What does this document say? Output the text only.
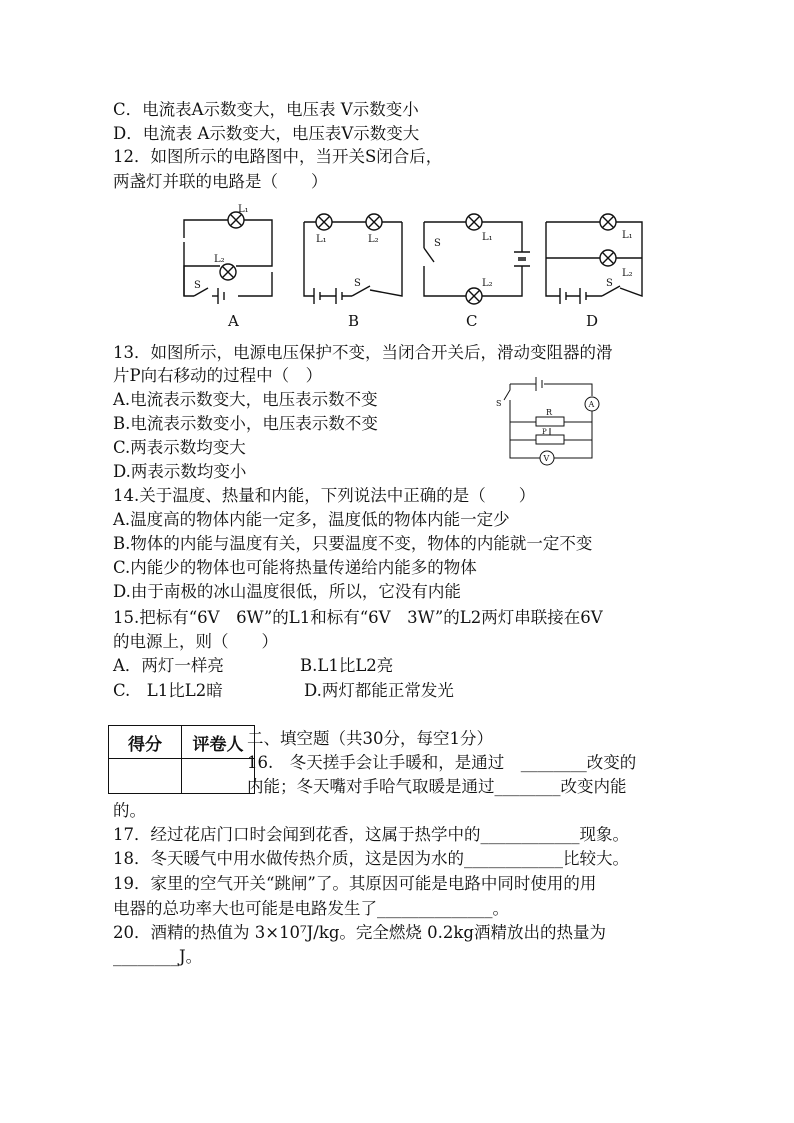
C．电流表A示数变大，电压表 V示数变小
D．电流表 A示数变大，电压表V示数变大
12．如图所示的电路图中，当开关S闭合后，
两盏灯并联的电路是（　　）
L₁
L₂
S
A
L₁	L₂
S
B
S
L₁
L₂
C
L₁
L₂
S
D
13．如图所示，电源电压保护不变，当闭合开关后，滑动变阻器的滑
片P向右移动的过程中（　）
A.电流表示数变大，电压表示数不变
B.电流表示数变小，电压表示数不变
C.两表示数均变大
D.两表示数均变小
S
R
P
A
V
14.关于温度、热量和内能，下列说法中正确的是（　　）
A.温度高的物体内能一定多，温度低的物体内能一定少
B.物体的内能与温度有关，只要温度不变，物体的内能就一定不变
C.内能少的物体也可能将热量传递给内能多的物体
D.由于南极的冰山温度很低，所以，它没有内能
15.把标有“6V　6W”的L1和标有“6V　3W”的L2两灯串联接在6V
的电源上，则（　　）
A．两灯一样亮	B.L1比L2亮
C.　L1比L2暗	D.两灯都能正常发光
得分	评卷人
	二、填空题（共30分，每空1分）
16.　冬天搓手会让手暖和，是通过　________改变的
内能；冬天嘴对手哈气取暖是通过________改变内能
的。
17．经过花店门口时会闻到花香，这属于热学中的____________现象。
18．冬天暖气中用水做传热介质，这是因为水的____________比较大。
19．家里的空气开关“跳闸”了。其原因可能是电路中同时使用的用
电器的总功率大也可能是电路发生了______________。
20．酒精的热值为 3×10⁷J/kg。完全燃烧 0.2kg酒精放出的热量为
________J。
